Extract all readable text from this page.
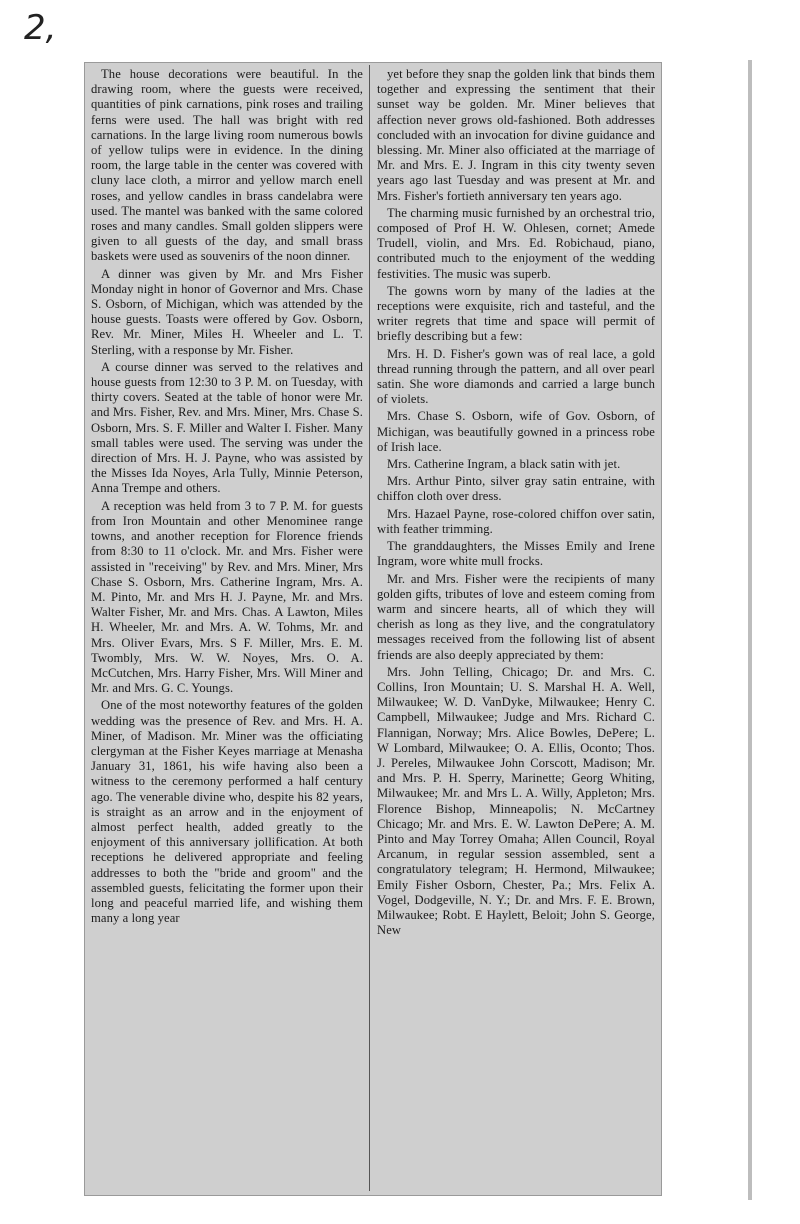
2,

The house decorations were beautiful. In the drawing room, where the guests were received, quantities of pink carnations, pink roses and trailing ferns were used. The hall was bright with red carnations. In the large living room numerous bowls of yellow tulips were in evidence. In the dining room, the large table in the center was covered with cluny lace cloth, a mirror and yellow march enell roses, and yellow candles in brass candelabra were used. The mantel was banked with the same colored roses and many candles. Small golden slippers were given to all guests of the day, and small brass baskets were used as souvenirs of the noon dinner.

A dinner was given by Mr. and Mrs Fisher Monday night in honor of Governor and Mrs. Chase S. Osborn, of Michigan, which was attended by the house guests. Toasts were offered by Gov. Osborn, Rev. Mr. Miner, Miles H. Wheeler and L. T. Sterling, with a response by Mr. Fisher.

A course dinner was served to the relatives and house guests from 12:30 to 3 P. M. on Tuesday, with thirty covers. Seated at the table of honor were Mr. and Mrs. Fisher, Rev. and Mrs. Miner, Mrs. Chase S. Osborn, Mrs. S. F. Miller and Walter I. Fisher. Many small tables were used. The serving was under the direction of Mrs. H. J. Payne, who was assisted by the Misses Ida Noyes, Arla Tully, Minnie Peterson, Anna Trempe and others.

A reception was held from 3 to 7 P. M. for guests from Iron Mountain and other Menominee range towns, and another reception for Florence friends from 8:30 to 11 o'clock. Mr. and Mrs. Fisher were assisted in "receiving" by Rev. and Mrs. Miner, Mrs Chase S. Osborn, Mrs. Catherine Ingram, Mrs. A. M. Pinto, Mr. and Mrs H. J. Payne, Mr. and Mrs. Walter Fisher, Mr. and Mrs. Chas. A Lawton, Miles H. Wheeler, Mr. and Mrs. A. W. Tohms, Mr. and Mrs. Oliver Evars, Mrs. S F. Miller, Mrs. E. M. Twombly, Mrs. W. W. Noyes, Mrs. O. A. McCutchen, Mrs. Harry Fisher, Mrs. Will Miner and Mr. and Mrs. G. C. Youngs.

One of the most noteworthy features of the golden wedding was the presence of Rev. and Mrs. H. A. Miner, of Madison. Mr. Miner was the officiating clergyman at the Fisher Keyes marriage at Menasha January 31, 1861, his wife having also been a witness to the ceremony performed a half century ago. The venerable divine who, despite his 82 years, is straight as an arrow and in the enjoyment of almost perfect health, added greatly to the enjoyment of this anniversary jollification. At both receptions he delivered appropriate and feeling addresses to both the "bride and groom" and the assembled guests, felicitating the former upon their long and peaceful married life, and wishing them many a long year

yet before they snap the golden link that binds them together and expressing the sentiment that their sunset way be golden. Mr. Miner believes that affection never grows old-fashioned. Both addresses concluded with an invocation for divine guidance and blessing. Mr. Miner also officiated at the marriage of Mr. and Mrs. E. J. Ingram in this city twenty seven years ago last Tuesday and was present at Mr. and Mrs. Fisher's fortieth anniversary ten years ago.

The charming music furnished by an orchestral trio, composed of Prof H. W. Ohlesen, cornet; Amede Trudell, violin, and Mrs. Ed. Robichaud, piano, contributed much to the enjoyment of the wedding festivities. The music was superb.

The gowns worn by many of the ladies at the receptions were exquisite, rich and tasteful, and the writer regrets that time and space will permit of briefly describing but a few:

Mrs. H. D. Fisher's gown was of real lace, a gold thread running through the pattern, and all over pearl satin. She wore diamonds and carried a large bunch of violets.

Mrs. Chase S. Osborn, wife of Gov. Osborn, of Michigan, was beautifully gowned in a princess robe of Irish lace.

Mrs. Catherine Ingram, a black satin with jet.

Mrs. Arthur Pinto, silver gray satin entraine, with chiffon cloth over dress.

Mrs. Hazael Payne, rose-colored chiffon over satin, with feather trimming.

The granddaughters, the Misses Emily and Irene Ingram, wore white mull frocks.

Mr. and Mrs. Fisher were the recipients of many golden gifts, tributes of love and esteem coming from warm and sincere hearts, all of which they will cherish as long as they live, and the congratulatory messages received from the following list of absent friends are also deeply appreciated by them:

Mrs. John Telling, Chicago; Dr. and Mrs. C. Collins, Iron Mountain; U. S. Marshal H. A. Well, Milwaukee; W. D. VanDyke, Milwaukee; Henry C. Campbell, Milwaukee; Judge and Mrs. Richard C. Flannigan, Norway; Mrs. Alice Bowles, DePere; L. W Lombard, Milwaukee; O. A. Ellis, Oconto; Thos. J. Pereles, Milwaukee John Corscott, Madison; Mr. and Mrs. P. H. Sperry, Marinette; Georg Whiting, Milwaukee; Mr. and Mrs L. A. Willy, Appleton; Mrs. Florence Bishop, Minneapolis; N. McCartney Chicago; Mr. and Mrs. E. W. Lawton DePere; A. M. Pinto and May Torrey Omaha; Allen Council, Royal Arcanum, in regular session assembled, sent a congratulatory telegram; H. Hermond, Milwaukee; Emily Fisher Osborn, Chester, Pa.; Mrs. Felix A. Vogel, Dodgeville, N. Y.; Dr. and Mrs. F. E. Brown, Milwaukee; Robt. E Haylett, Beloit; John S. George, New
